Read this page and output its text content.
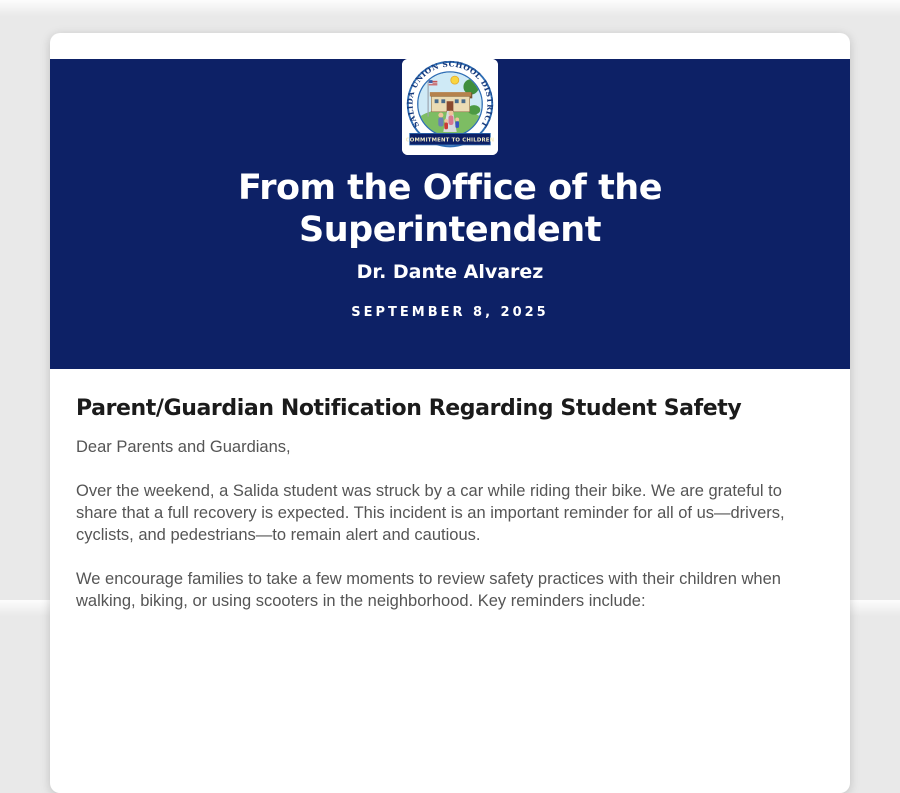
SALIDA UNION SCHOOL DISTRICT
COMMITMENT TO CHILDREN
From the Office of the Superintendent
Dr. Dante Alvarez
SEPTEMBER 8, 2025
Parent/Guardian Notification Regarding Student Safety

Dear Parents and Guardians,

Over the weekend, a Salida student was struck by a car while riding their bike. We are grateful to share that a full recovery is expected. This incident is an important reminder for all of us—drivers, cyclists, and pedestrians—to remain alert and cautious.

We encourage families to take a few moments to review safety practices with their children when walking, biking, or using scooters in the neighborhood. Key reminders include:
